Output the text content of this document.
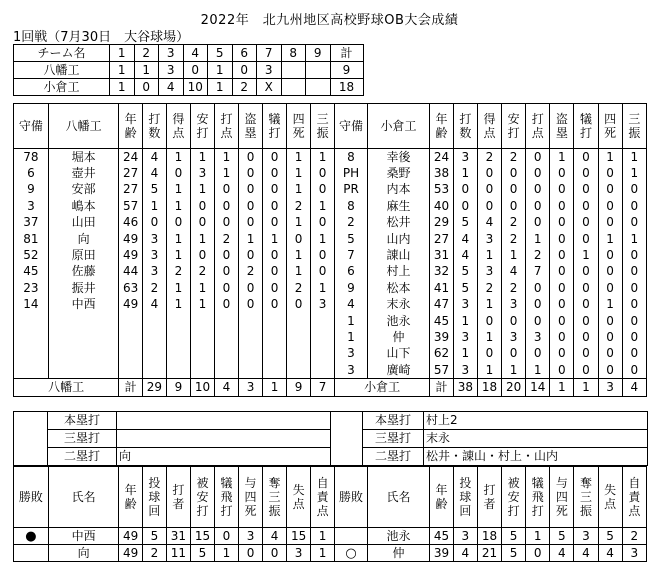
2022年　北九州地区高校野球OB大会成績
1回戦（7月30日　大谷球場）
チーム名	1	2	3	4	5	6	7	8	9	計
八幡工	1	1	3	0	1	0	3			9
小倉工	1	0	4	10	1	2	X			18
守備	八幡工	年齢	打数	得点	安打	打点	盗塁	犠打	四死	三振	守備	小倉工	年齢	打数	得点	安打	打点	盗塁	犠打	四死	三振
78	堀本	24	4	1	1	1	0	0	1	1	8	幸後	24	3	2	2	0	1	0	1	1
6	壺井	27	4	0	3	1	0	0	1	0	PH	桑野	38	1	0	0	0	0	0	0	1
9	安部	27	5	1	1	0	0	0	1	0	PR	内本	53	0	0	0	0	0	0	0	0
3	嶋本	57	1	1	0	0	0	0	2	1	8	麻生	40	0	0	0	0	0	0	0	0
37	山田	46	0	0	0	0	0	0	1	0	2	松井	29	5	4	2	0	0	0	0	0
81	向	49	3	1	1	2	1	1	0	1	5	山内	27	4	3	2	1	0	0	1	1
52	原田	49	3	1	0	0	0	0	1	0	7	諌山	31	4	1	1	2	0	1	0	0
45	佐藤	44	3	2	2	0	2	0	1	0	6	村上	32	5	3	4	7	0	0	0	0
23	振井	63	2	1	1	0	0	0	2	1	9	松本	41	5	2	2	0	0	0	0	0
14	中西	49	4	1	1	0	0	0	0	3	4	末永	47	3	1	3	0	0	0	1	0
											1	池永	45	1	0	0	0	0	0	0	0
											1	仲	39	3	1	3	3	0	0	0	0
											3	山下	62	1	0	0	0	0	0	0	0
											3	廣崎	57	3	1	1	1	0	0	0	0
八幡工		計	29	9	10	4	3	1	9	7	小倉工		計	38	18	20	14	1	1	3	4
	本塁打			本塁打	村上2
	三塁打			三塁打	末永
	二塁打	向		二塁打	松井・諌山・村上・山内
勝敗	氏名	年齢	投球回	打者	被安打	犠飛打	与四死	奪三振	失点	自責点	勝敗	氏名	年齢	投球回	打者	被安打	犠飛打	与四死	奪三振	失点	自責点
●	中西	49	5	31	15	0	3	4	15	1		池永	45	3	18	5	1	5	3	5	2
	向	49	2	11	5	1	0	0	3	1	○	仲	39	4	21	5	0	4	4	4	3
